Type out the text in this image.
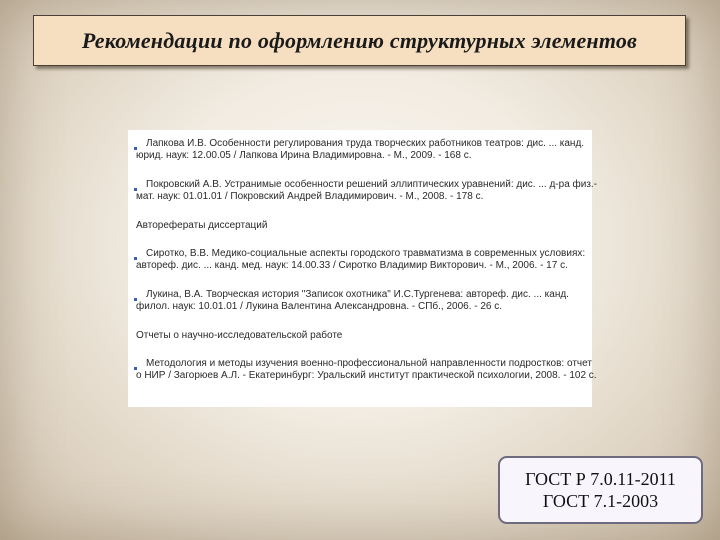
Рекомендации по оформлению структурных элементов
Лапкова И.В. Особенности регулирования труда творческих работников театров: дис. ... канд.
юрид. наук: 12.00.05 / Лапкова Ирина Владимировна. - М., 2009. - 168 с.
Покровский А.В. Устранимые особенности решений эллиптических уравнений: дис. ... д-ра физ.-
мат. наук: 01.01.01 / Покровский Андрей Владимирович. - М., 2008. - 178 с.
Авторефераты диссертаций
Сиротко, В.В. Медико-социальные аспекты городского травматизма в современных условиях:
автореф. дис. ... канд. мед. наук: 14.00.33 / Сиротко Владимир Викторович. - М., 2006. - 17 с.
Лукина, В.А. Творческая история "Записок охотника" И.С.Тургенева: автореф. дис. ... канд.
филол. наук: 10.01.01 / Лукина Валентина Александровна. - СПб., 2006. - 26 с.
Отчеты о научно-исследовательской работе
Методология и методы изучения военно-профессиональной направленности подростков: отчет
о НИР / Загорюев А.Л. - Екатеринбург: Уральский институт практической психологии, 2008. - 102 с.
ГОСТ Р 7.0.11-2011
ГОСТ 7.1-2003
